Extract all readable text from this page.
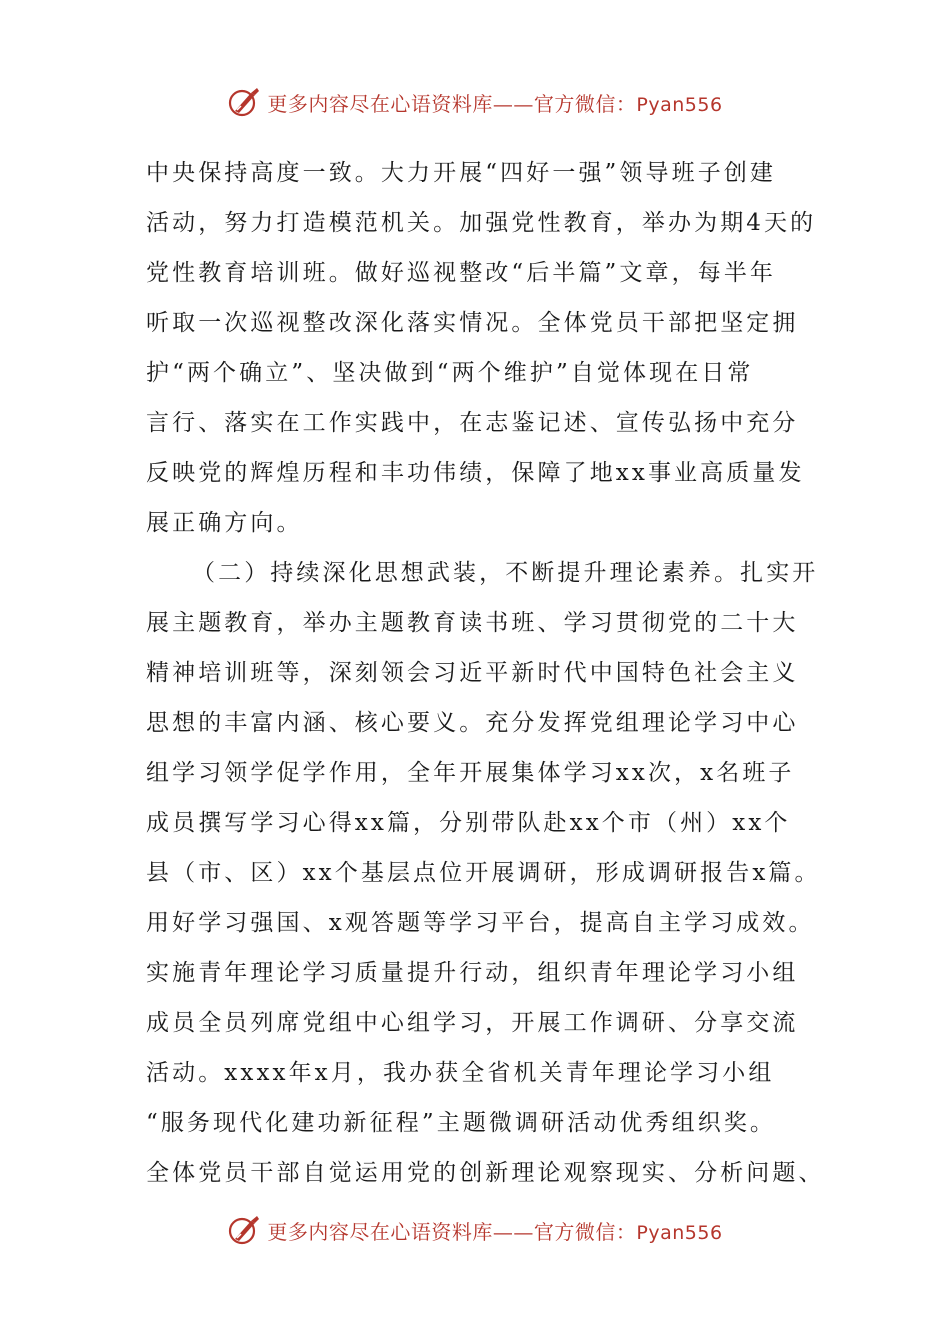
更多内容尽在心语资料库——官方微信：Pyan556
中央保持高度一致。大力开展“四好一强”领导班子创建
活动，努力打造模范机关。加强党性教育，举办为期4天的
党性教育培训班。做好巡视整改“后半篇”文章，每半年
听取一次巡视整改深化落实情况。全体党员干部把坚定拥
护“两个确立”、坚决做到“两个维护”自觉体现在日常
言行、落实在工作实践中，在志鉴记述、宣传弘扬中充分
反映党的辉煌历程和丰功伟绩，保障了地xx事业高质量发
展正确方向。
（二）持续深化思想武装，不断提升理论素养。扎实开
展主题教育，举办主题教育读书班、学习贯彻党的二十大
精神培训班等，深刻领会习近平新时代中国特色社会主义
思想的丰富内涵、核心要义。充分发挥党组理论学习中心
组学习领学促学作用，全年开展集体学习xx次，x名班子
成员撰写学习心得xx篇，分别带队赴xx个市（州）xx个
县（市、区）xx个基层点位开展调研，形成调研报告x篇。
用好学习强国、x观答题等学习平台，提高自主学习成效。
实施青年理论学习质量提升行动，组织青年理论学习小组
成员全员列席党组中心组学习，开展工作调研、分享交流
活动。xxxx年x月，我办获全省机关青年理论学习小组
“服务现代化建功新征程”主题微调研活动优秀组织奖。
全体党员干部自觉运用党的创新理论观察现实、分析问题、
更多内容尽在心语资料库——官方微信：Pyan556
